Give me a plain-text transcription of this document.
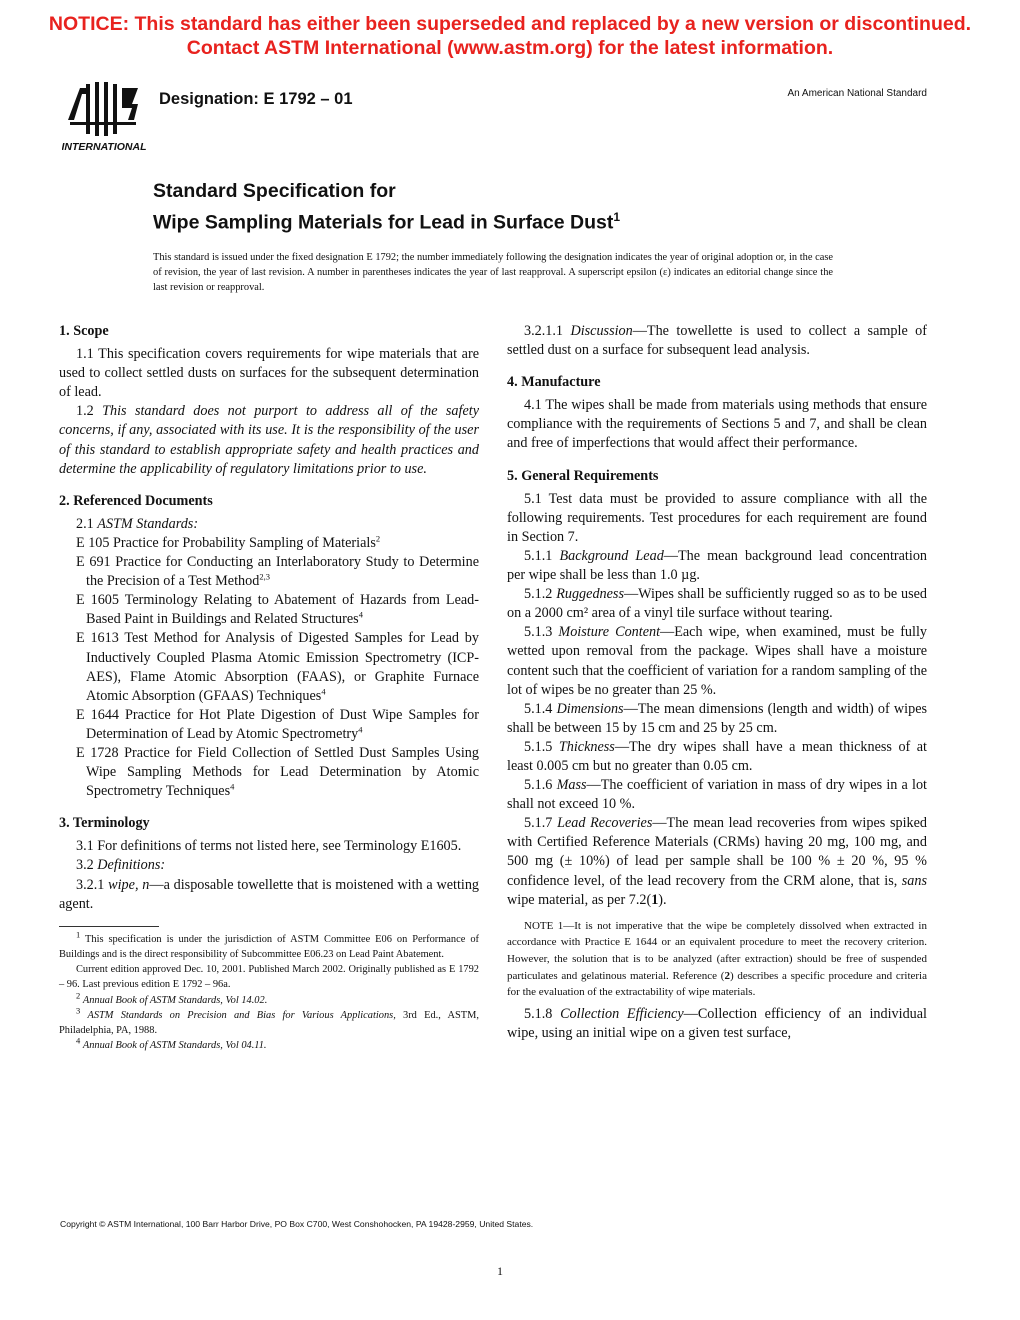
NOTICE: This standard has either been superseded and replaced by a new version or discontinued.
Contact ASTM International (www.astm.org) for the latest information.
INTERNATIONAL
Designation: E 1792 – 01	An American National Standard
Standard Specification for
Wipe Sampling Materials for Lead in Surface Dust$^1$
This standard is issued under the fixed designation E 1792; the number immediately following the designation indicates the year of original adoption or, in the case of revision, the year of last revision. A number in parentheses indicates the year of last reapproval. A superscript epsilon (ε) indicates an editorial change since the last revision or reapproval.
1. Scope

1.1 This specification covers requirements for wipe materials that are used to collect settled dusts on surfaces for the subsequent determination of lead.

1.2 This standard does not purport to address all of the safety concerns, if any, associated with its use. It is the responsibility of the user of this standard to establish appropriate safety and health practices and determine the applicability of regulatory limitations prior to use.

2. Referenced Documents

2.1 ASTM Standards:

E 105 Practice for Probability Sampling of Materials$^2$

E 691 Practice for Conducting an Interlaboratory Study to Determine the Precision of a Test Method$^{2,3}$

E 1605 Terminology Relating to Abatement of Hazards from Lead-Based Paint in Buildings and Related Structures$^4$

E 1613 Test Method for Analysis of Digested Samples for Lead by Inductively Coupled Plasma Atomic Emission Spectrometry (ICP-AES), Flame Atomic Absorption (FAAS), or Graphite Furnace Atomic Absorption (GFAAS) Techniques$^4$

E 1644 Practice for Hot Plate Digestion of Dust Wipe Samples for Determination of Lead by Atomic Spectrometry$^4$

E 1728 Practice for Field Collection of Settled Dust Samples Using Wipe Sampling Methods for Lead Determination by Atomic Spectrometry Techniques$^4$

3. Terminology

3.1 For definitions of terms not listed here, see Terminology E1605.

3.2 Definitions:

3.2.1 wipe, n—a disposable towellette that is moistened with a wetting agent.

$^1$ This specification is under the jurisdiction of ASTM Committee E06 on Performance of Buildings and is the direct responsibility of Subcommittee E06.23 on Lead Paint Abatement.

Current edition approved Dec. 10, 2001. Published March 2002. Originally published as E 1792 – 96. Last previous edition E 1792 – 96a.

$^2$ Annual Book of ASTM Standards, Vol 14.02.

$^3$ ASTM Standards on Precision and Bias for Various Applications, 3rd Ed., ASTM, Philadelphia, PA, 1988.

$^4$ Annual Book of ASTM Standards, Vol 04.11.

3.2.1.1 Discussion—The towellette is used to collect a sample of settled dust on a surface for subsequent lead analysis.

4. Manufacture

4.1 The wipes shall be made from materials using methods that ensure compliance with the requirements of Sections 5 and 7, and shall be clean and free of imperfections that would affect their performance.

5. General Requirements

5.1 Test data must be provided to assure compliance with all the following requirements. Test procedures for each requirement are found in Section 7.

5.1.1 Background Lead—The mean background lead concentration per wipe shall be less than 1.0 µg.

5.1.2 Ruggedness—Wipes shall be sufficiently rugged so as to be used on a 2000 cm² area of a vinyl tile surface without tearing.

5.1.3 Moisture Content—Each wipe, when examined, must be fully wetted upon removal from the package. Wipes shall have a moisture content such that the coefficient of variation for a random sampling of the lot of wipes be no greater than 25 %.

5.1.4 Dimensions—The mean dimensions (length and width) of wipes shall be between 15 by 15 cm and 25 by 25 cm.

5.1.5 Thickness—The dry wipes shall have a mean thickness of at least 0.005 cm but no greater than 0.05 cm.

5.1.6 Mass—The coefficient of variation in mass of dry wipes in a lot shall not exceed 10 %.

5.1.7 Lead Recoveries—The mean lead recoveries from wipes spiked with Certified Reference Materials (CRMs) having 20 mg, 100 mg, and 500 mg (± 10%) of lead per sample shall be 100 % ± 20 %, 95 % confidence level, of the lead recovery from the CRM alone, that is, sans wipe material, as per 7.2(1).

NOTE 1—It is not imperative that the wipe be completely dissolved when extracted in accordance with Practice E 1644 or an equivalent procedure to meet the recovery criterion. However, the solution that is to be analyzed (after extraction) should be free of suspended particulates and gelatinous material. Reference (2) describes a specific procedure and criteria for the evaluation of the extractability of wipe materials.

5.1.8 Collection Efficiency—Collection efficiency of an individual wipe, using an initial wipe on a given test surface,

Copyright © ASTM International, 100 Barr Harbor Drive, PO Box C700, West Conshohocken, PA 19428-2959, United States.
1
